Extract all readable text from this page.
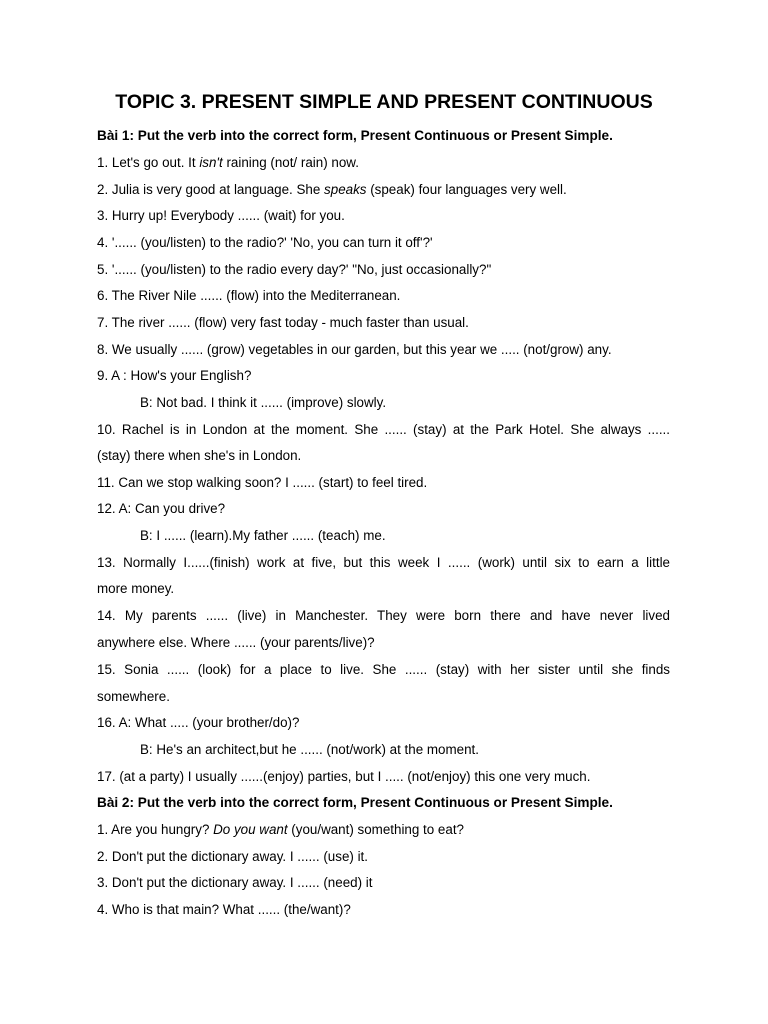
TOPIC 3. PRESENT SIMPLE AND PRESENT CONTINUOUS
Bài 1: Put the verb into the correct form, Present Continuous or Present Simple.
1. Let's go out. It isn't raining (not/ rain) now.
2. Julia is very good at language. She speaks (speak) four languages very well.
3. Hurry up! Everybody ...... (wait) for you.
4. '...... (you/listen) to the radio?' 'No, you can turn it off'?'
5. '...... (you/listen) to the radio every day?' "No, just occasionally?"
6. The River Nile ...... (flow) into the Mediterranean.
7. The river ...... (flow) very fast today - much faster than usual.
8. We usually ...... (grow) vegetables in our garden, but this year we ..... (not/grow) any.
9. A : How's your English?
B: Not bad. I think it ...... (improve) slowly.
10. Rachel is in London at the moment. She ...... (stay) at the Park Hotel. She always ......
(stay) there when she's in London.
11. Can we stop walking soon? I ...... (start) to feel tired.
12. A: Can you drive?
B: I ...... (learn).My father ...... (teach) me.
13. Normally I......(finish) work at five, but this week I ...... (work) until six to earn a little
more money.
14. My parents ...... (live) in Manchester. They were born there and have never lived
anywhere else. Where ...... (your parents/live)?
15. Sonia ...... (look) for a place to live. She ...... (stay) with her sister until she finds
somewhere.
16. A: What ..... (your brother/do)?
B: He's an architect,but he ...... (not/work) at the moment.
17. (at a party) I usually ......(enjoy) parties, but I ..... (not/enjoy) this one very much.
Bài 2: Put the verb into the correct form, Present Continuous or Present Simple.
1. Are you hungry? Do you want (you/want) something to eat?
2. Don't put the dictionary away. I ...... (use) it.
3. Don't put the dictionary away. I ...... (need) it
4. Who is that main? What ...... (the/want)?
